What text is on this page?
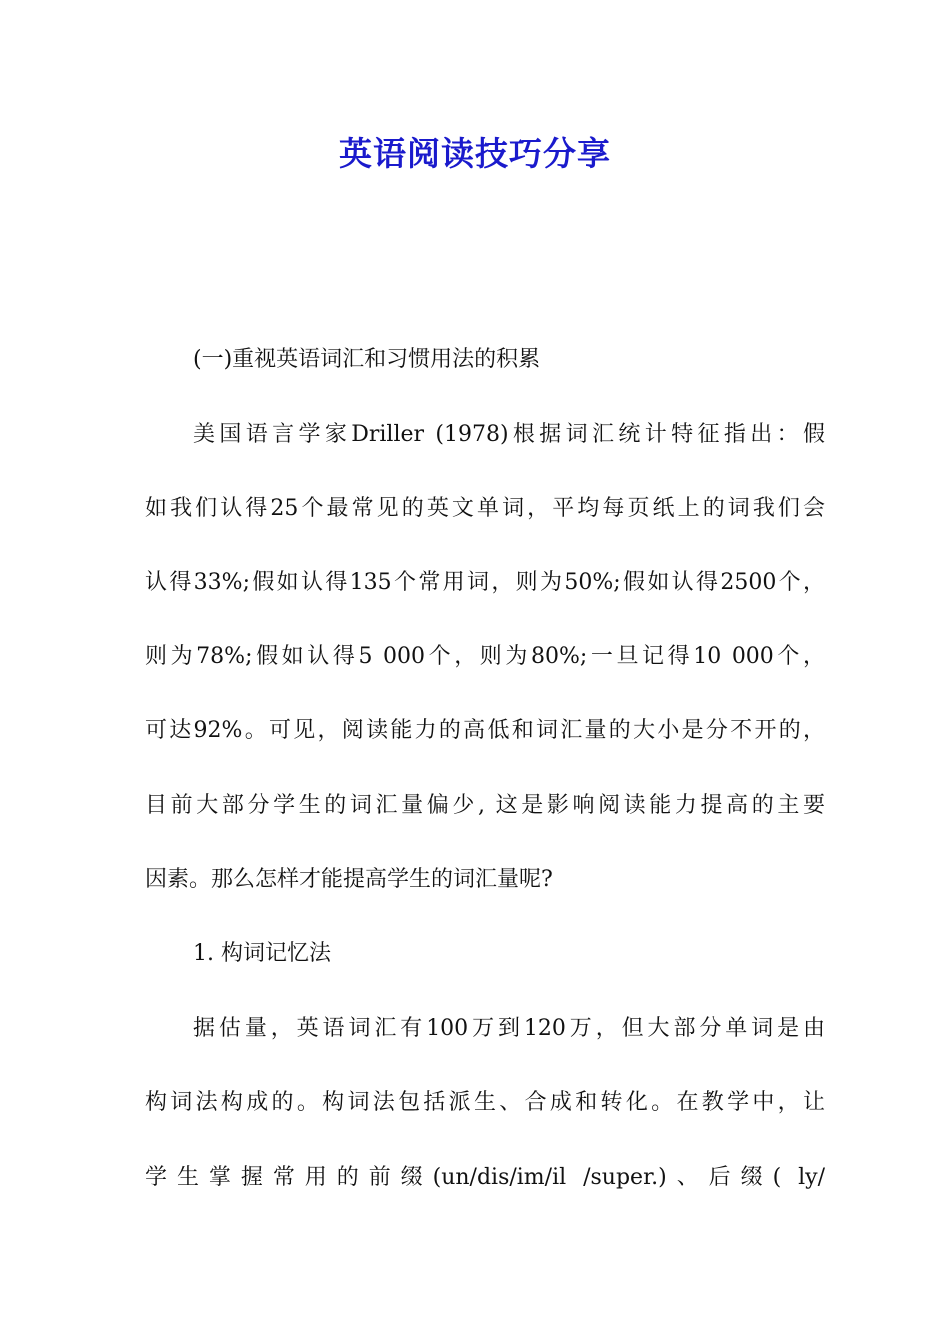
英语阅读技巧分享
(一)重视英语词汇和习惯用法的积累
美国语言学家Driller (1978)根据词汇统计特征指出：假
如我们认得25个最常见的英文单词，平均每页纸上的词我们会
认得33%;假如认得135个常用词，则为50%;假如认得2500个，
则为78%;假如认得5 000个，则为80%;一旦记得10 000个，
可达92%。可见，阅读能力的高低和词汇量的大小是分不开的，
目前大部分学生的词汇量偏少, 这是影响阅读能力提高的主要
因素。那么怎样才能提高学生的词汇量呢?
1. 构词记忆法
据估量，英语词汇有100万到120万，但大部分单词是由
构词法构成的。构词法包括派生、合成和转化。在教学中，让
学生掌握常用的前缀(un/dis/im/il /super.)、后缀( ly/
